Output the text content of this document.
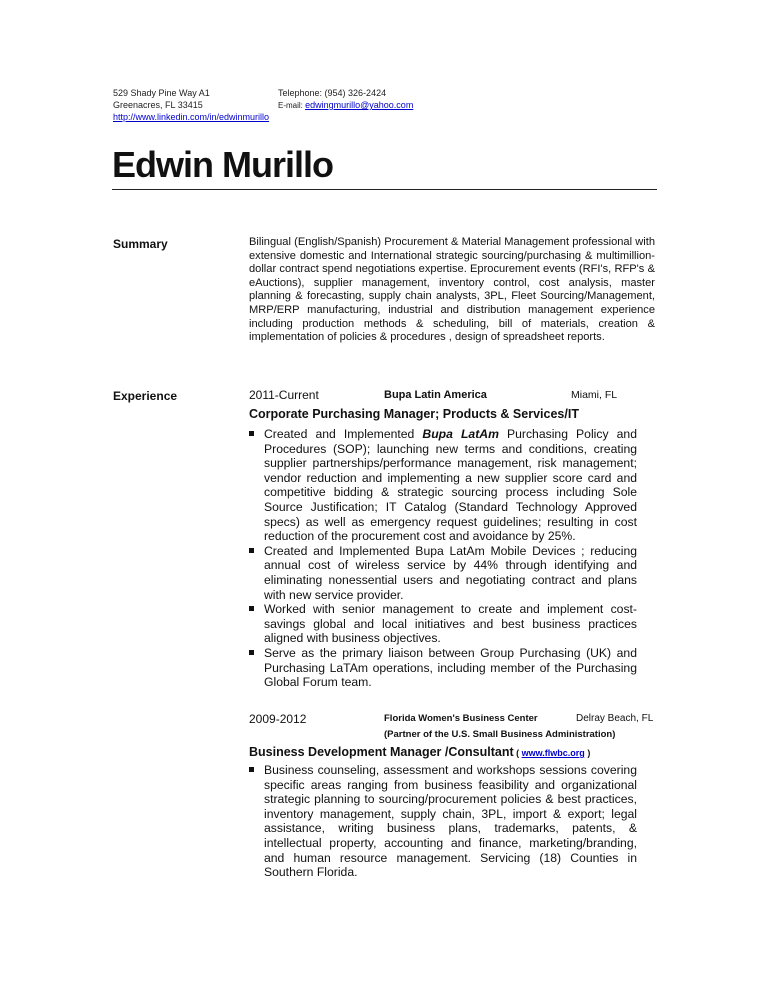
529 Shady Pine Way A1
Greenacres, FL 33415
http://www.linkedin.com/in/edwinmurillo
Telephone: (954) 326-2424
E-mail: edwingmurillo@yahoo.com
Edwin Murillo
Summary	Bilingual (English/Spanish) Procurement & Material Management professional with extensive domestic and International strategic sourcing/purchasing & multimillion-dollar contract spend negotiations expertise. Eprocurement events (RFI's, RFP's & eAuctions), supplier management, inventory control, cost analysis, master planning & forecasting, supply chain analysts, 3PL, Fleet Sourcing/Management, MRP/ERP manufacturing, industrial and distribution management experience including production methods & scheduling, bill of materials, creation & implementation of policies & procedures , design of spreadsheet reports.
Experience	2011-Current	Bupa Latin America	Miami, FL
Corporate Purchasing Manager; Products & Services/IT
Created and Implemented Bupa LatAm Purchasing Policy and Procedures (SOP); launching new terms and conditions, creating supplier partnerships/performance management, risk management; vendor reduction and implementing a new supplier score card and competitive bidding & strategic sourcing process including Sole Source Justification; IT Catalog (Standard Technology Approved specs) as well as emergency request guidelines; resulting in cost reduction of the procurement cost and avoidance by 25%.
Created and Implemented Bupa LatAm Mobile Devices ; reducing annual cost of wireless service by 44% through identifying and eliminating nonessential users and negotiating contract and plans with new service provider.
Worked with senior management to create and implement cost-savings global and local initiatives and best business practices aligned with business objectives.
Serve as the primary liaison between Group Purchasing (UK) and Purchasing LaTAm operations, including member of the Purchasing Global Forum team.
2009-2012	Florida Women's Business Center	Delray Beach, FL
(Partner of the U.S. Small Business Administration)
Business Development Manager /Consultant ( www.flwbc.org )
Business counseling, assessment and workshops sessions covering specific areas ranging from business feasibility and organizational strategic planning to sourcing/procurement policies & best practices, inventory management, supply chain, 3PL, import & export; legal assistance, writing business plans, trademarks, patents, & intellectual property, accounting and finance, marketing/branding, and human resource management. Servicing (18) Counties in Southern Florida.
